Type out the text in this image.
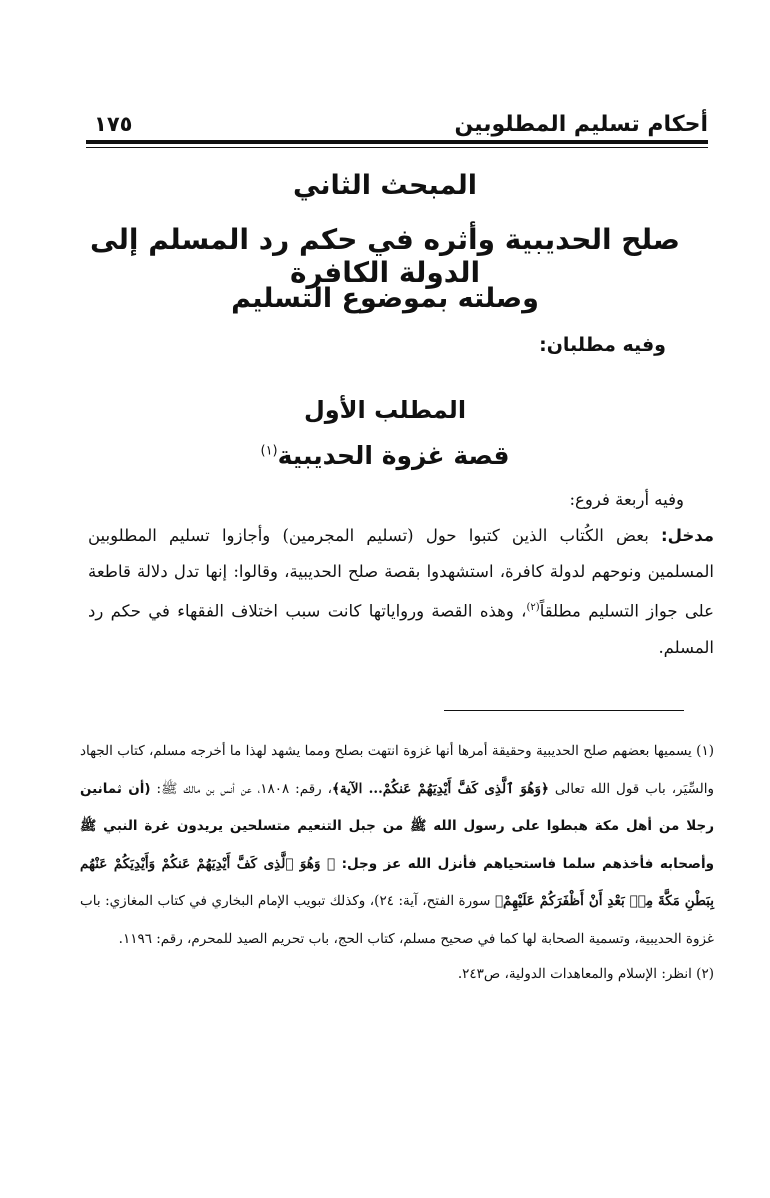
أحكام تسليم المطلوبين
١٧٥
المبحث الثاني
صلح الحديبية وأثره في حكم رد المسلم إلى الدولة الكافرة
وصلته بموضوع التسليم
وفيه مطلبان:
المطلب الأول
قصة غزوة الحديبية$^{(١)}$

وفيه أربعة فروع:

مدخل: بعض الكُتاب الذين كتبوا حول (تسليم المجرمين) وأجازوا تسليم المطلوبين المسلمين ونوحهم لدولة كافرة، استشهدوا بقصة صلح الحديبية، وقالوا: إنها تدل دلالة قاطعة على جواز التسليم مطلقاً$^{(٢)}$، وهذه القصة ورواياتها كانت سبب اختلاف الفقهاء في حكم رد المسلم.

(١) يسميها بعضهم صلح الحديبية وحقيقة أمرها أنها غزوة انتهت بصلح ومما يشهد لهذا ما أخرجه مسلم، كتاب الجهاد والسِّيَر، باب قول الله تعالى ﴿وَهُوَ ٱلَّذِى كَفَّ أَيْدِيَهُمْ عَنكُمْ... الآية﴾، رقم: ١٨٠٨، عن أنس بن مالك ﷺ: (أن ثمانين رجلا من أهل مكة هبطوا على رسول الله ﷺ من جبل التنعيم متسلحين يريدون غرة النبي ﷺ وأصحابه فأخذهم سلما فاستحياهم فأنزل الله عز وجل: ﴿ وَهُوَ ٱلَّذِى كَفَّ أَيْدِيَهُمْ عَنكُمْ وَأَيْدِيَكُمْ عَنْهُم بِبَطْنِ مَكَّةَ مِنۢ بَعْدِ أَنْ أَظْفَرَكُمْ عَلَيْهِمْ﴾ سورة الفتح، آية: ٢٤)، وكذلك تبويب الإمام البخاري في كتاب المغازي: باب غزوة الحديبية، وتسمية الصحابة لها كما في صحيح مسلم، كتاب الحج، باب تحريم الصيد للمحرم، رقم: ١١٩٦.

(٢) انظر: الإسلام والمعاهدات الدولية، ص٢٤٣.
